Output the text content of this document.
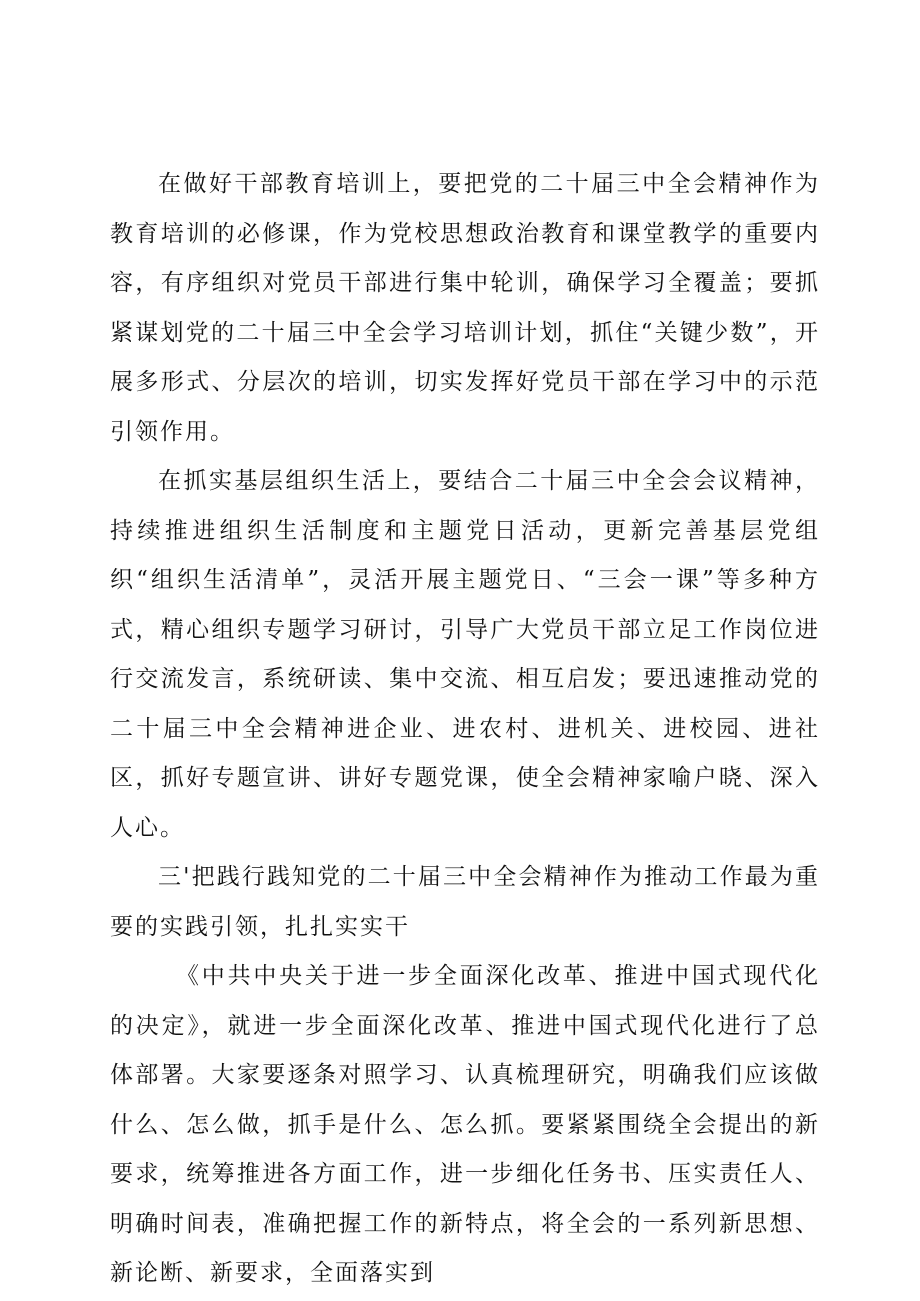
在做好干部教育培训上，要把党的二十届三中全会精神作为教育培训的必修课，作为党校思想政治教育和课堂教学的重要内容，有序组织对党员干部进行集中轮训，确保学习全覆盖；要抓紧谋划党的二十届三中全会学习培训计划，抓住“关键少数”，开展多形式、分层次的培训，切实发挥好党员干部在学习中的示范引领作用。

在抓实基层组织生活上，要结合二十届三中全会会议精神，持续推进组织生活制度和主题党日活动，更新完善基层党组织“组织生活清单”，灵活开展主题党日、“三会一课”等多种方式，精心组织专题学习研讨，引导广大党员干部立足工作岗位进行交流发言，系统研读、集中交流、相互启发；要迅速推动党的二十届三中全会精神进企业、进农村、进机关、进校园、进社区，抓好专题宣讲、讲好专题党课，使全会精神家喻户晓、深入人心。

三'把践行践知党的二十届三中全会精神作为推动工作最为重要的实践引领，扎扎实实干

《中共中央关于进一步全面深化改革、推进中国式现代化的决定》，就进一步全面深化改革、推进中国式现代化进行了总体部署。大家要逐条对照学习、认真梳理研究，明确我们应该做什么、怎么做，抓手是什么、怎么抓。要紧紧围绕全会提出的新要求，统筹推进各方面工作，进一步细化任务书、压实责任人、明确时间表，准确把握工作的新特点，将全会的一系列新思想、新论断、新要求，全面落实到
